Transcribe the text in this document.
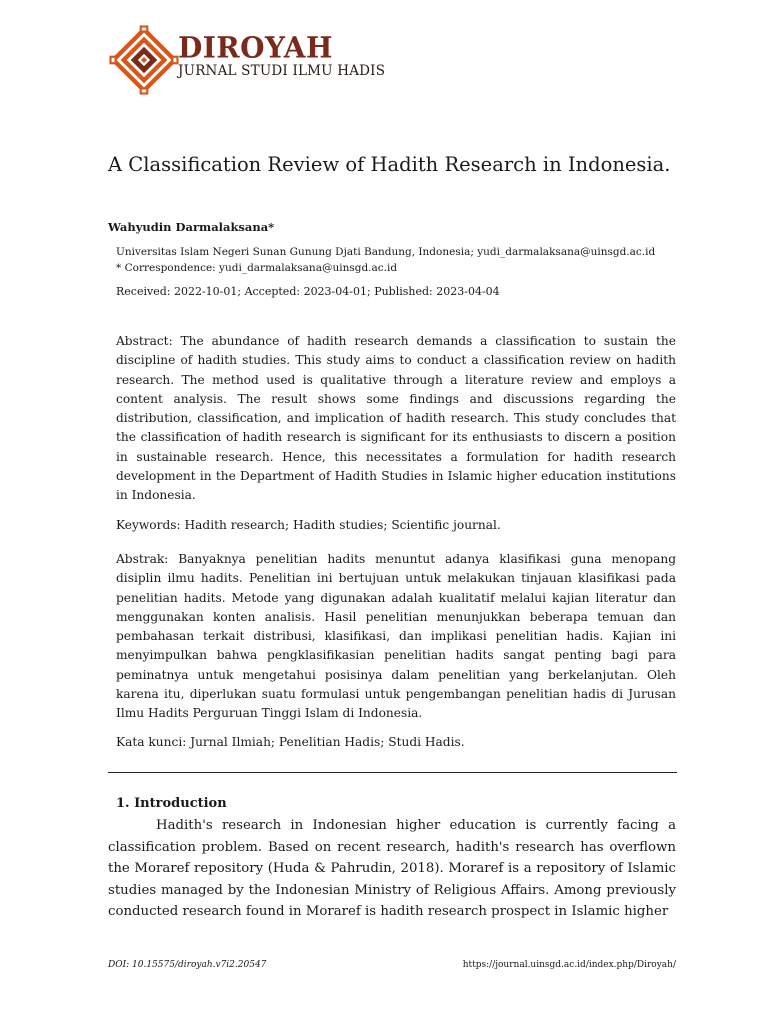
DIROYAH
JURNAL STUDI ILMU HADIS
A Classification Review of Hadith Research in Indonesia.
Wahyudin Darmalaksana*
Universitas Islam Negeri Sunan Gunung Djati Bandung, Indonesia; yudi_darmalaksana@uinsgd.ac.id
* Correspondence: yudi_darmalaksana@uinsgd.ac.id
Received: 2022-10-01; Accepted: 2023-04-01; Published: 2023-04-04
Abstract: The abundance of hadith research demands a classification to sustain the discipline of hadith studies. This study aims to conduct a classification review on hadith research. The method used is qualitative through a literature review and employs a content analysis. The result shows some findings and discussions regarding the distribution, classification, and implication of hadith research. This study concludes that the classification of hadith research is significant for its enthusiasts to discern a position in sustainable research. Hence, this necessitates a formulation for hadith research development in the Department of Hadith Studies in Islamic higher education institutions in Indonesia.
Keywords: Hadith research; Hadith studies; Scientific journal.
Abstrak: Banyaknya penelitian hadits menuntut adanya klasifikasi guna menopang disiplin ilmu hadits. Penelitian ini bertujuan untuk melakukan tinjauan klasifikasi pada penelitian hadits. Metode yang digunakan adalah kualitatif melalui kajian literatur dan menggunakan konten analisis. Hasil penelitian menunjukkan beberapa temuan dan pembahasan terkait distribusi, klasifikasi, dan implikasi penelitian hadis. Kajian ini menyimpulkan bahwa pengklasifikasian penelitian hadits sangat penting bagi para peminatnya untuk mengetahui posisinya dalam penelitian yang berkelanjutan. Oleh karena itu, diperlukan suatu formulasi untuk pengembangan penelitian hadis di Jurusan Ilmu Hadits Perguruan Tinggi Islam di Indonesia.
Kata kunci: Jurnal Ilmiah; Penelitian Hadis; Studi Hadis.
1. Introduction
Hadith's research in Indonesian higher education is currently facing a classification problem. Based on recent research, hadith's research has overflown the Moraref repository (Huda & Pahrudin, 2018). Moraref is a repository of Islamic studies managed by the Indonesian Ministry of Religious Affairs. Among previously conducted research found in Moraref is hadith research prospect in Islamic higher
DOI: 10.15575/diroyah.v7i2.20547	https://journal.uinsgd.ac.id/index.php/Diroyah/
